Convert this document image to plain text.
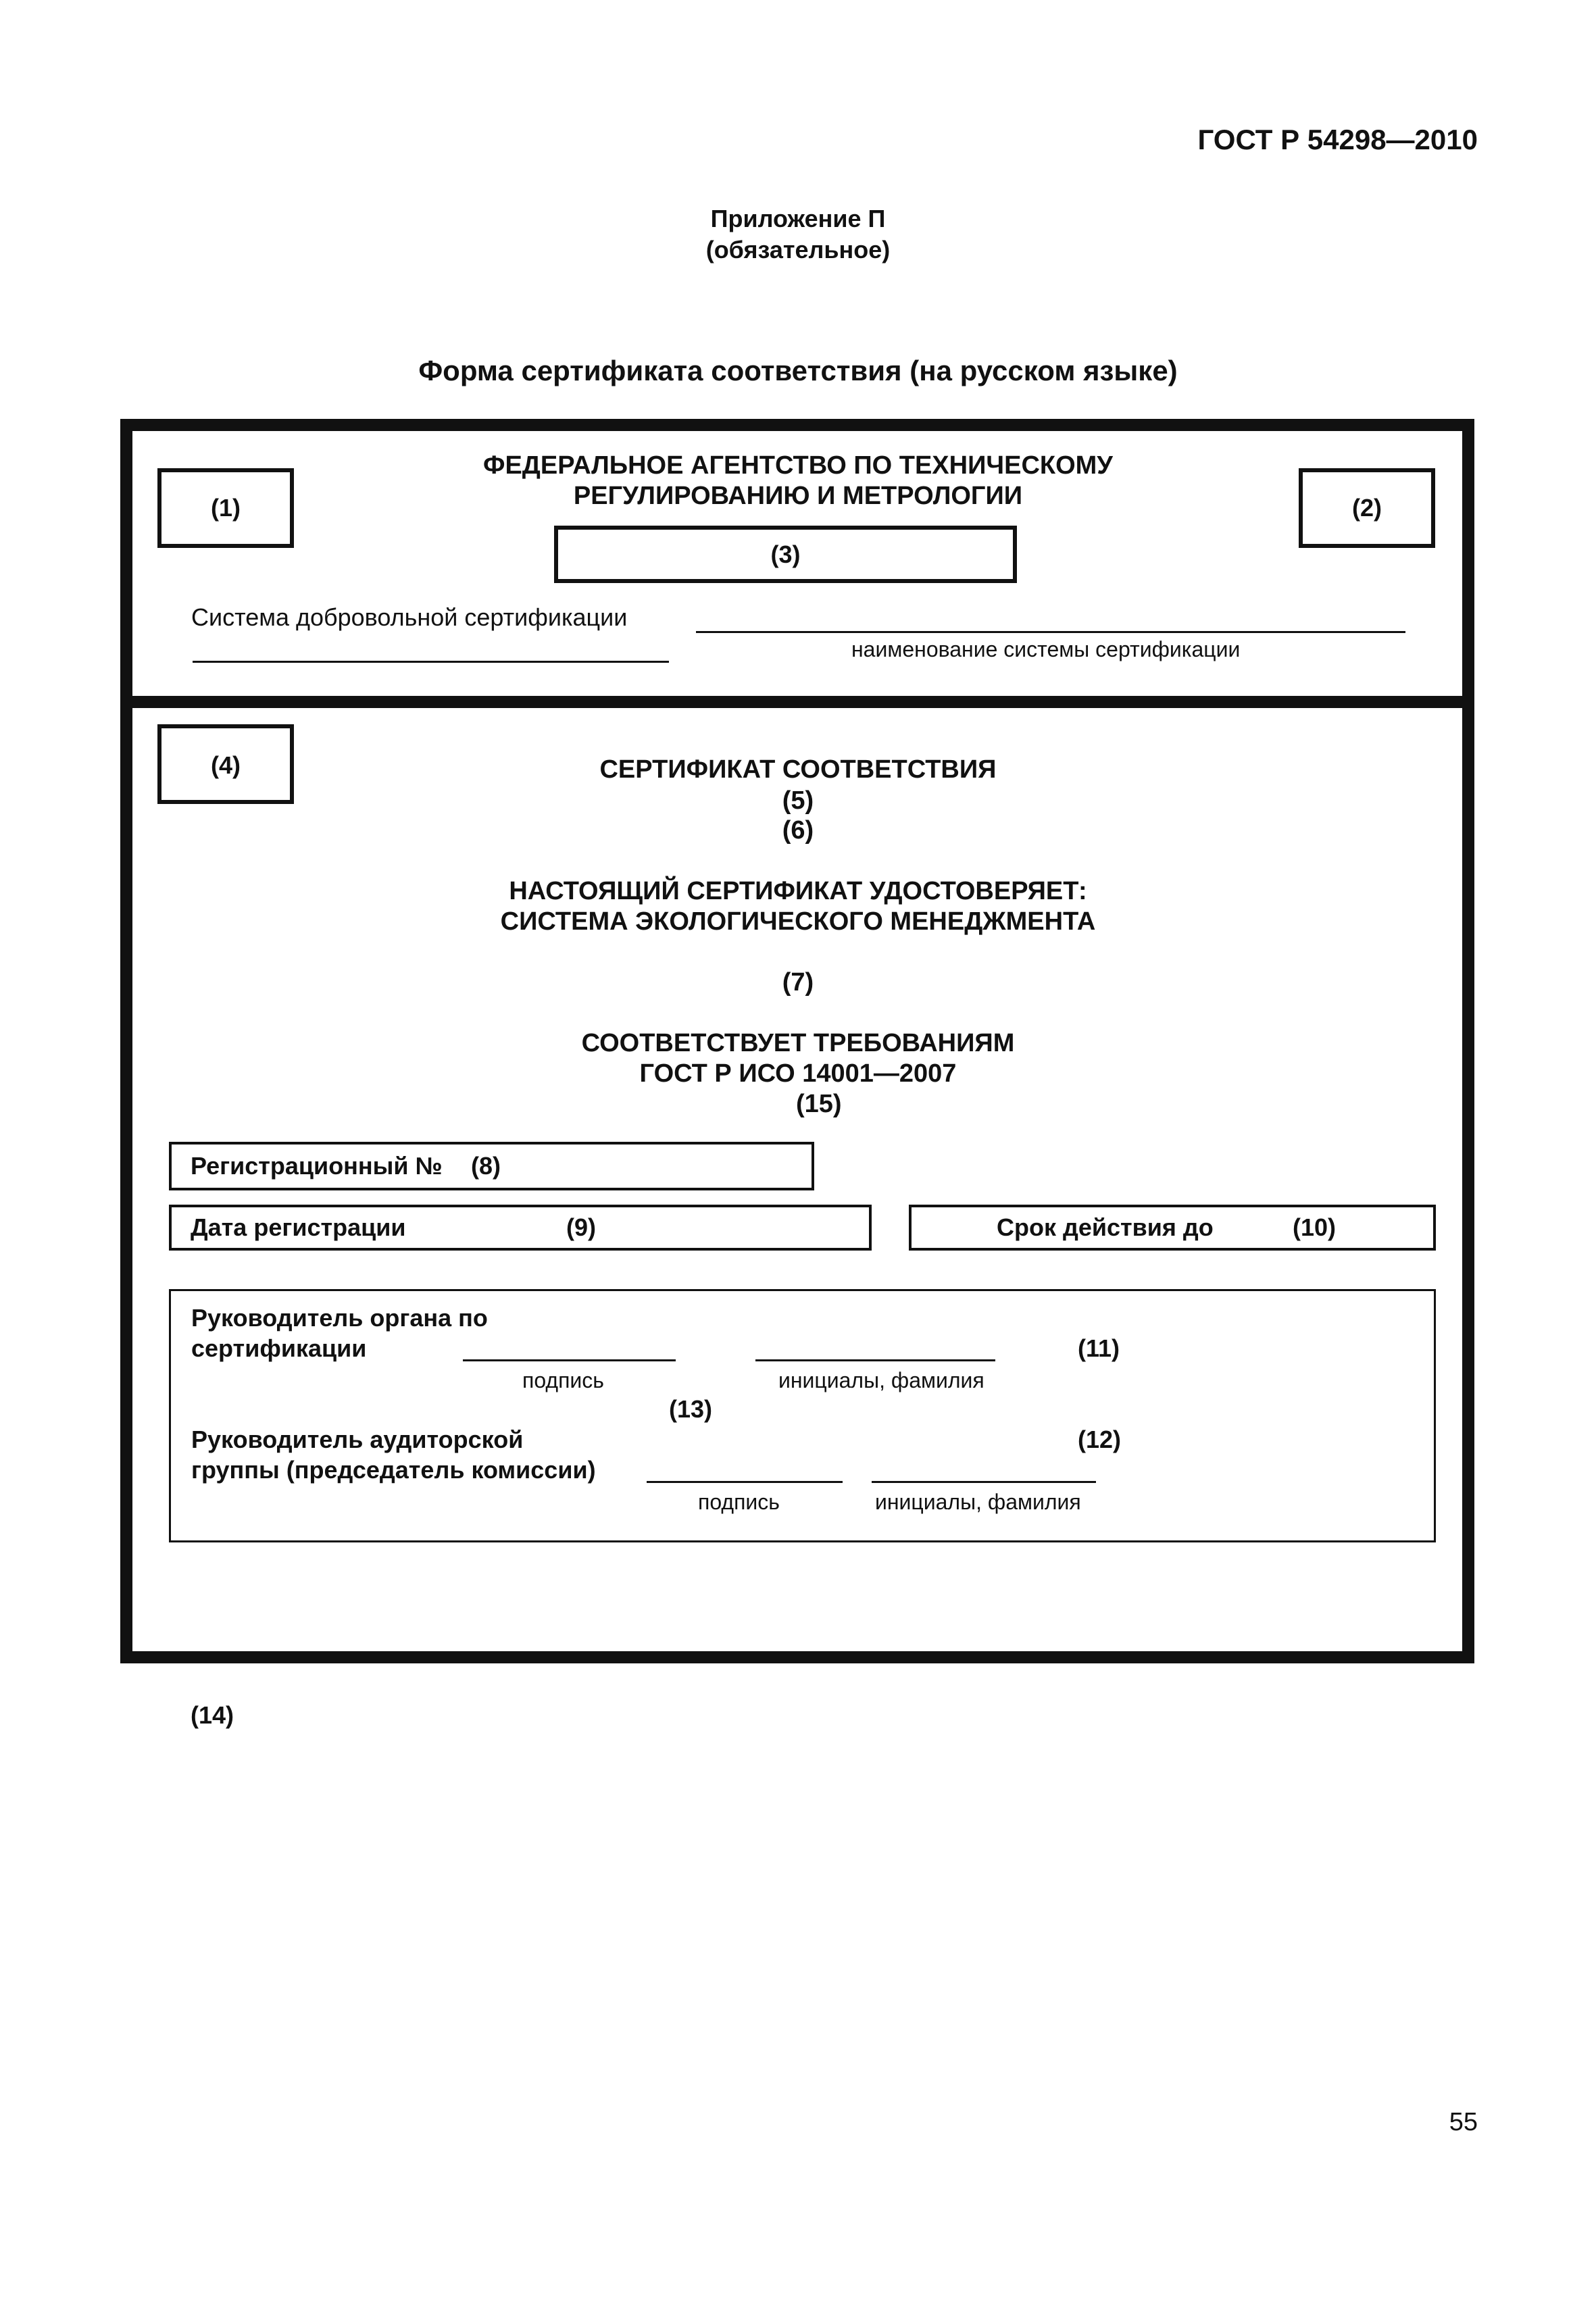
ГОСТ Р 54298—2010
Приложение П
(обязательное)
Форма сертификата соответствия (на русском языке)
(1)	(2)
ФЕДЕРАЛЬНОЕ АГЕНТСТВО ПО ТЕХНИЧЕСКОМУ
РЕГУЛИРОВАНИЮ И МЕТРОЛОГИИ
(3)
Система добровольной сертификации
наименование системы сертификации
(4)	СЕРТИФИКАТ СООТВЕТСТВИЯ
(5)
(6)
НАСТОЯЩИЙ СЕРТИФИКАТ УДОСТОВЕРЯЕТ:
СИСТЕМА ЭКОЛОГИЧЕСКОГО МЕНЕДЖМЕНТА
(7)
СООТВЕТСТВУЕТ ТРЕБОВАНИЯМ
ГОСТ Р ИСО 14001—2007
(15)
Регистрационный № (8)
Дата регистрации	(9)	Срок действия до	(10)
Руководитель органа по
сертификации	(11)
подпись	инициалы, фамилия
(13)
Руководитель аудиторской
группы (председатель комиссии)
(12)
подпись	инициалы, фамилия
(14)
55
